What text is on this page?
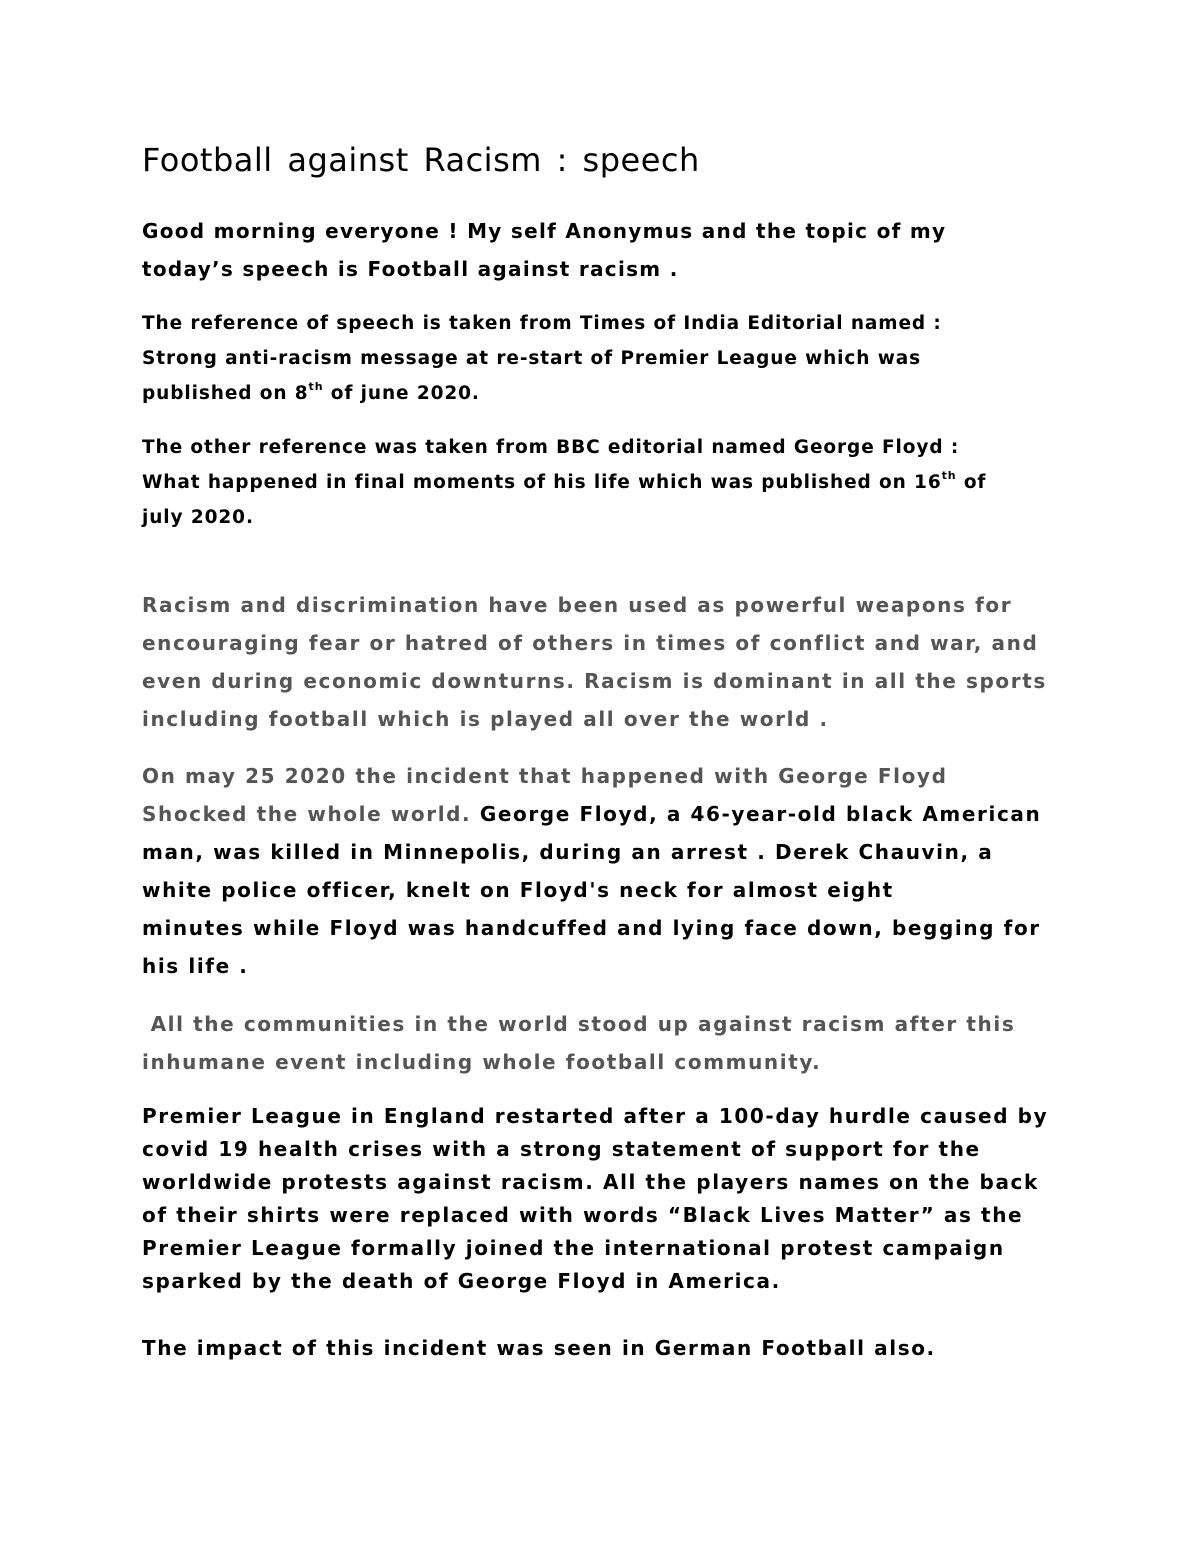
Football against Racism : speech

Good morning everyone ! My self Anonymus and the topic of my
today’s speech is Football against racism .

The reference of speech is taken from Times of India Editorial named :
Strong anti-racism message at re-start of Premier League which was
published on 8th of june 2020.

The other reference was taken from BBC editorial named George Floyd :
What happened in final moments of his life which was published on 16th of
july 2020.

Racism and discrimination have been used as powerful weapons for
encouraging fear or hatred of others in times of conflict and war, and
even during economic downturns. Racism is dominant in all the sports
including football which is played all over the world .

On may 25 2020 the incident that happened with George Floyd
Shocked the whole world. George Floyd, a 46-year-old black American
man, was killed in Minnepolis, during an arrest . Derek Chauvin, a
white police officer, knelt on Floyd's neck for almost eight
minutes while Floyd was handcuffed and lying face down, begging for
his life .

All the communities in the world stood up against racism after this
inhumane event including whole football community.

Premier League in England restarted after a 100-day hurdle caused by
covid 19 health crises with a strong statement of support for the
worldwide protests against racism. All the players names on the back
of their shirts were replaced with words “Black Lives Matter” as the
Premier League formally joined the international protest campaign
sparked by the death of George Floyd in America.

The impact of this incident was seen in German Football also.
